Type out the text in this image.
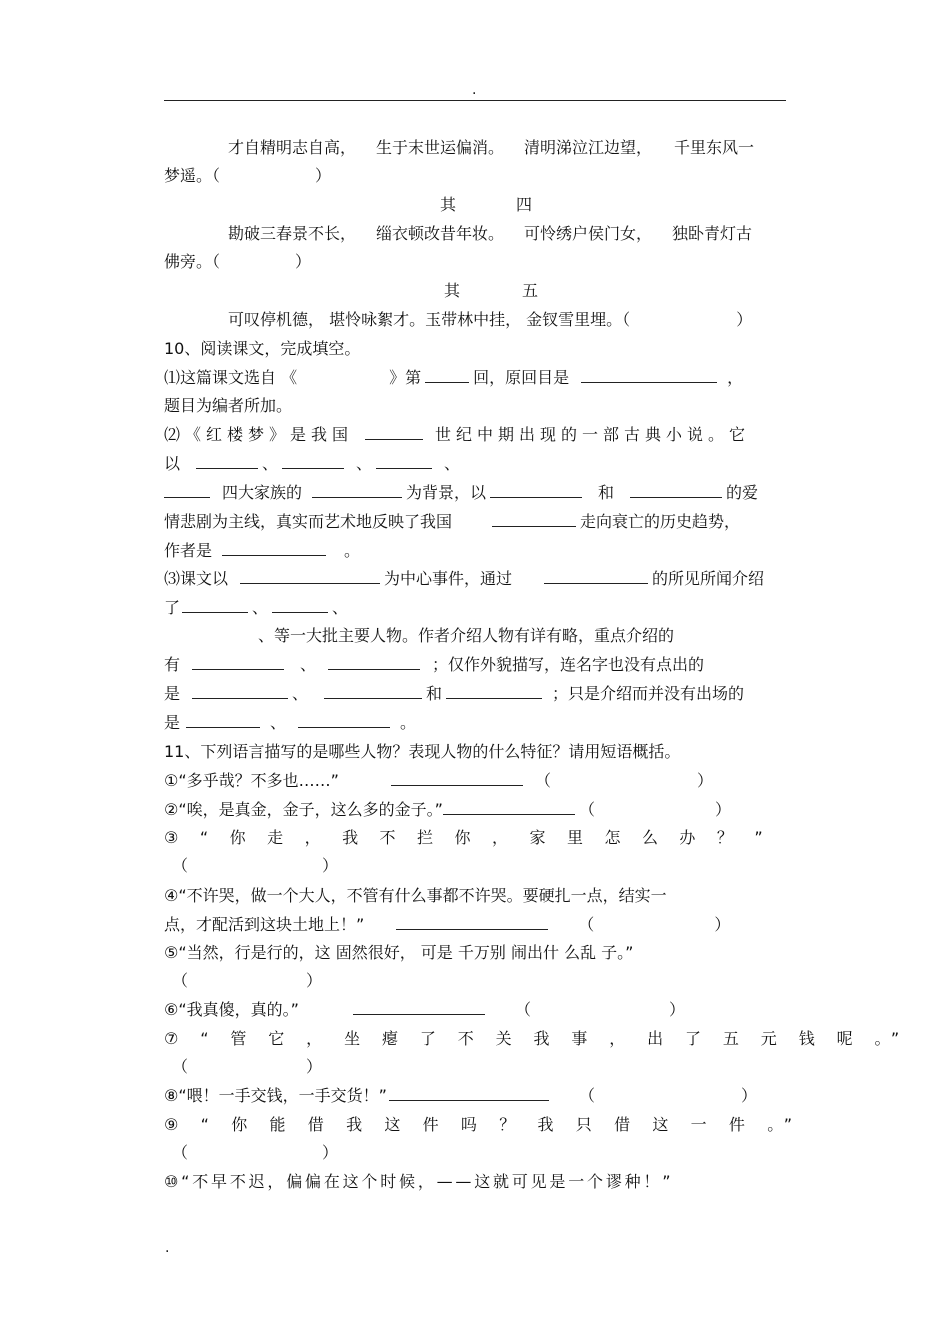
.
才自精明志自高， 生于末世运偏消。 清明涕泣江边望， 千里东风一
梦遥。（	）
其	四
勘破三春景不长， 缁衣顿改昔年妆。 可怜绣户侯门女， 独卧青灯古
佛旁。（	）
其	五
可叹停机德， 堪怜咏絮才。玉带林中挂， 金钗雪里埋。（	）
10、阅读课文，完成填空。
⑴这篇课文选自 《	》第	回，原回目是	，
题目为编者所加。
⑵《红楼梦》是我国	世纪中期出现的一部古典小说。它
以	、	、	、
四大家族的	为背景，以	和	的爱
情悲剧为主线，真实而艺术地反映了我国	走向衰亡的历史趋势，
作者是	。
⑶课文以	为中心事件，通过	的所见所闻介绍
了	、	、
、等一大批主要人物。作者介绍人物有详有略，重点介绍的
有	、	；仅作外貌描写，连名字也没有点出的
是	、	和	；只是介绍而并没有出场的
是	、	。
11、下列语言描写的是哪些人物？表现人物的什么特征？请用短语概括。
①“多乎哉？不多也……”	（	）
②“唉，是真金，金子，这么多的金子。”	（	）
③ “ 你 走 ， 我 不 拦 你 ， 家 里 怎 么 办 ？ ”
（	）
④“不许哭，做一个大人，不管有什么事都不许哭。要硬扎一点，结实一
点，才配活到这块土地上！”	（	）
⑤“当然，行是行的，这 固然很好， 可是 千万别 闹出什 么乱 子。”
（	）
⑥“我真傻，真的。”	（	）
⑦ “ 管 它 ， 坐 瘪 了 不 关 我 事 ， 出 了 五 元 钱 呢 。”
（	）
⑧“喂！一手交钱，一手交货！”	（	）
⑨ “ 你 能 借 我 这 件 吗 ？ 我 只 借 这 一 件 。”
（	）
⑩“不早不迟，偏偏在这个时候，——这就可见是一个谬种！”
.
